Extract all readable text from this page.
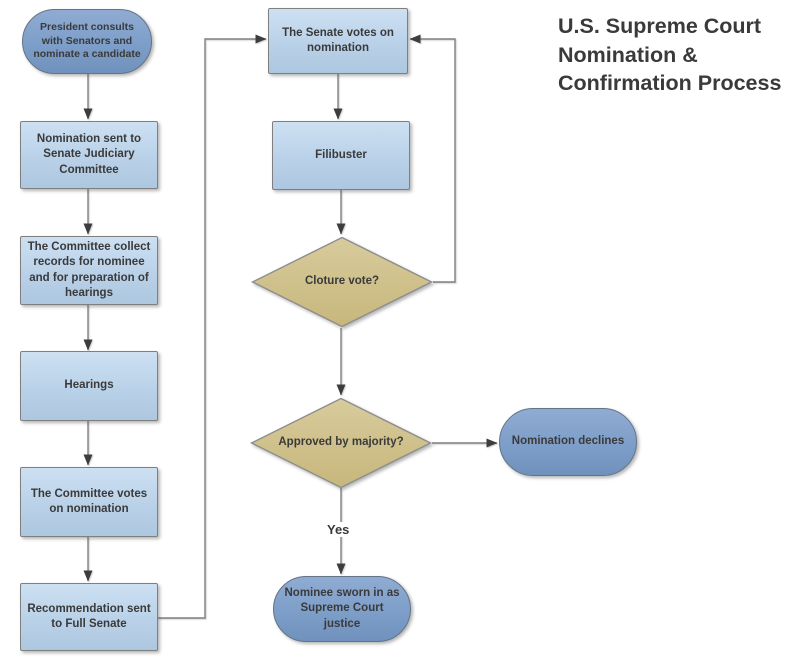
President consults with Senators and nominate a candidate
Nomination sent to Senate Judiciary Committee
The Committee collect records for nominee and for preparation of hearings
Hearings
The Committee votes on nomination
Recommendation sent to Full Senate
The Senate votes on nomination
Filibuster
Cloture vote?
Approved by majority?	Nomination declines
Nominee sworn in as Supreme Court justice
Yes
U.S. Supreme Court
Nomination &
Confirmation Process
